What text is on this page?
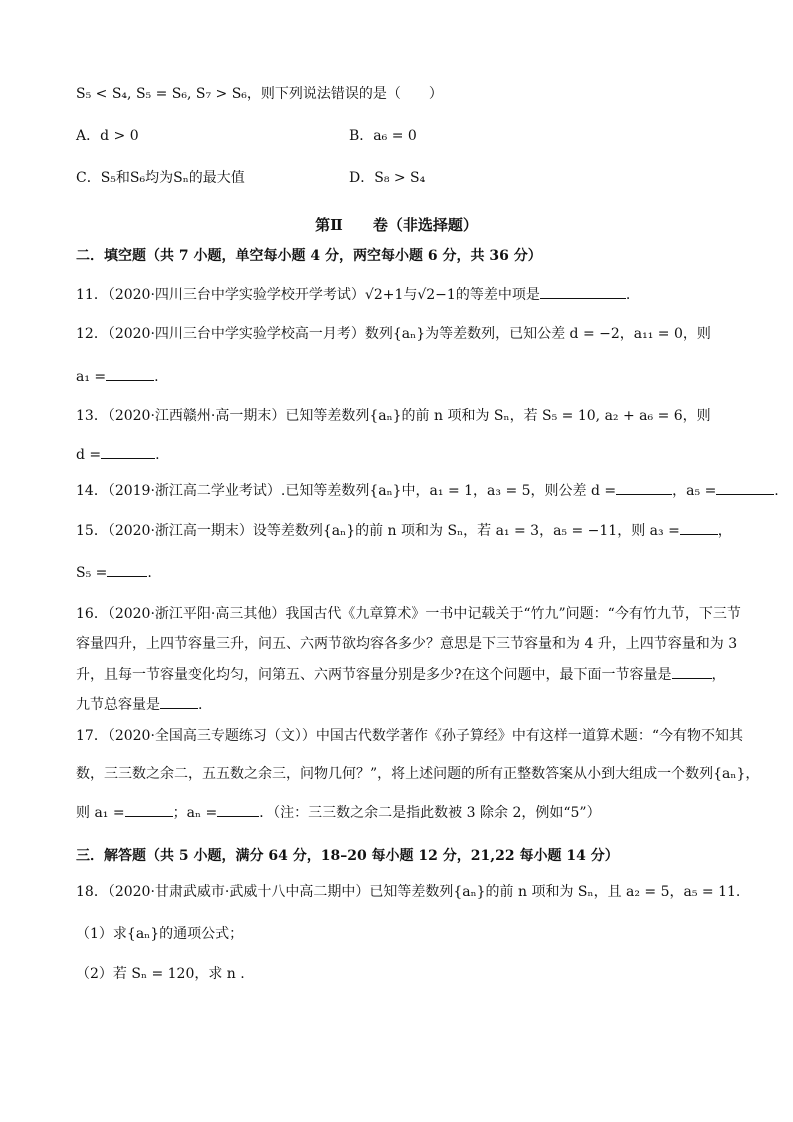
S₅ < S₄, S₅ = S₆, S₇ > S₆，则下列说法错误的是（　　）
A．d > 0	B．a₆ = 0
C．S₅和S₆均为Sₙ的最大值	D．S₈ > S₄
第Ⅱ　　卷（非选择题）
二．填空题（共 7 小题，单空每小题 4 分，两空每小题 6 分，共 36 分）
11．（2020·四川三台中学实验学校开学考试）√2+1与√2−1的等差中项是	.
12．（2020·四川三台中学实验学校高一月考）数列{aₙ}为等差数列，已知公差 d = −2，a₁₁ = 0，则
a₁ =	.
13．（2020·江西赣州·高一期末）已知等差数列{aₙ}的前 n 项和为 Sₙ，若 S₅ = 10, a₂ + a₆ = 6，则
d =	.
14．（2019·浙江高二学业考试）.已知等差数列{aₙ}中，a₁ = 1，a₃ = 5，则公差 d =	，a₅ =	.
15．（2020·浙江高一期末）设等差数列{aₙ}的前 n 项和为 Sₙ，若 a₁ = 3，a₅ = −11，则 a₃ =	，
S₅ =	.
16．（2020·浙江平阳·高三其他）我国古代《九章算术》一书中记载关于“竹九”问题：“今有竹九节，下三节
容量四升，上四节容量三升，问五、六两节欲均容各多少？意思是下三节容量和为 4 升，上四节容量和为 3
升，且每一节容量变化均匀，问第五、六两节容量分别是多少?在这个问题中，最下面一节容量是	，
九节总容量是	.
17．（2020·全国高三专题练习（文））中国古代数学著作《孙子算经》中有这样一道算术题：“今有物不知其
数，三三数之余二，五五数之余三，问物几何？”，将上述问题的所有正整数答案从小到大组成一个数列{aₙ}，
则 a₁ =	；aₙ =	．（注：三三数之余二是指此数被 3 除余 2，例如“5”）
三．解答题（共 5 小题，满分 64 分，18–20 每小题 12 分，21,22 每小题 14 分）
18．（2020·甘肃武威市·武威十八中高二期中）已知等差数列{aₙ}的前 n 项和为 Sₙ，且 a₂ = 5，a₅ = 11.
（1）求{aₙ}的通项公式；
（2）若 Sₙ = 120，求 n .
